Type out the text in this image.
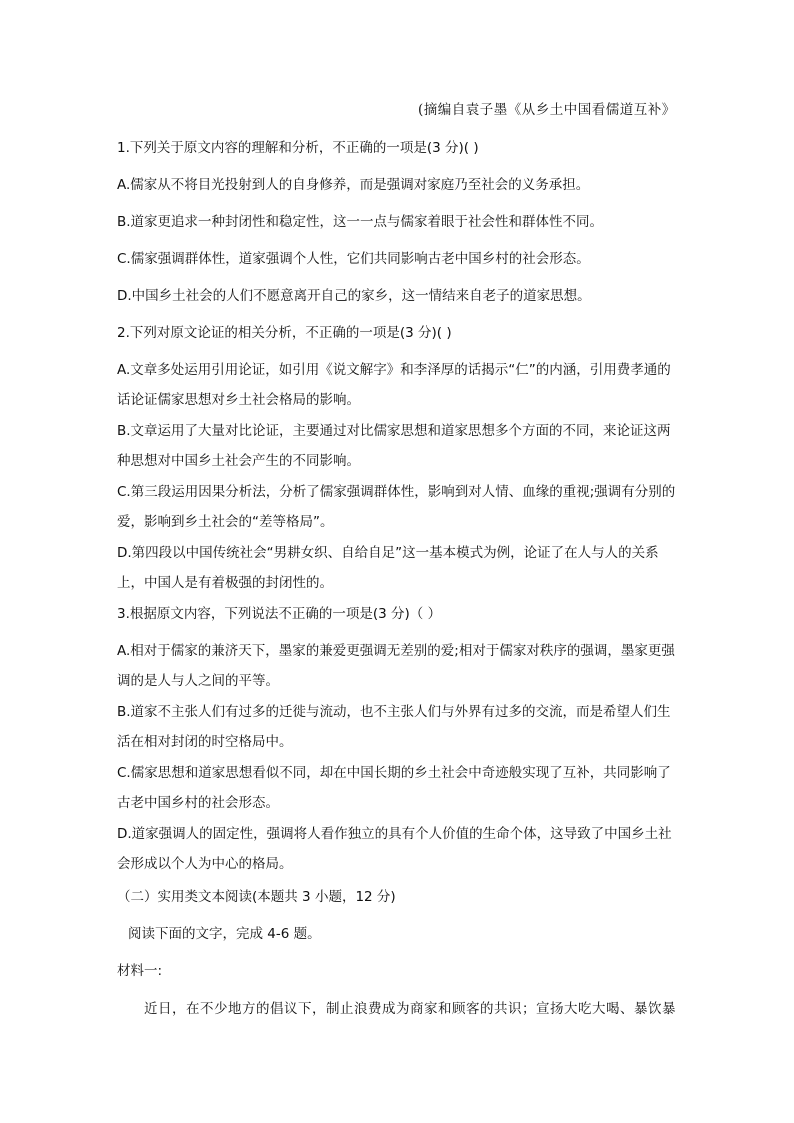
(摘编自袁子墨《从乡土中国看儒道互补》

1.下列关于原文内容的理解和分析，不正确的一项是(3 分)( )

A.儒家从不将目光投射到人的自身修养，而是强调对家庭乃至社会的义务承担。

B.道家更追求一种封闭性和稳定性，这一一点与儒家着眼于社会性和群体性不同。

C.儒家强调群体性，道家强调个人性，它们共同影响古老中国乡村的社会形态。

D.中国乡土社会的人们不愿意离开自己的家乡，这一情结来自老子的道家思想。

2.下列对原文论证的相关分析，不正确的一项是(3 分)( )

A.文章多处运用引用论证，如引用《说文解字》和李泽厚的话揭示“仁”的内涵，引用费孝通的话论证儒家思想对乡土社会格局的影响。

B.文章运用了大量对比论证，主要通过对比儒家思想和道家思想多个方面的不同，来论证这两种思想对中国乡土社会产生的不同影响。

C.第三段运用因果分析法，分析了儒家强调群体性，影响到对人情、血缘的重视;强调有分别的爱，影响到乡土社会的“差等格局”。

D.第四段以中国传统社会“男耕女织、自给自足”这一基本模式为例，论证了在人与人的关系上，中国人是有着极强的封闭性的。

3.根据原文内容，下列说法不正确的一项是(3 分)（ ）

A.相对于儒家的兼济天下，墨家的兼爱更强调无差别的爱;相对于儒家对秩序的强调，墨家更强调的是人与人之间的平等。

B.道家不主张人们有过多的迁徙与流动，也不主张人们与外界有过多的交流，而是希望人们生活在相对封闭的时空格局中。

C.儒家思想和道家思想看似不同，却在中国长期的乡土社会中奇迹般实现了互补，共同影响了古老中国乡村的社会形态。

D.道家强调人的固定性，强调将人看作独立的具有个人价值的生命个体，这导致了中国乡土社会形成以个人为中心的格局。

（二）实用类文本阅读(本题共 3 小题，12 分)

阅读下面的文字，完成 4-6 题。

材料一:

近日，在不少地方的倡议下，制止浪费成为商家和顾客的共识；宣扬大吃大喝、暴饮暴
